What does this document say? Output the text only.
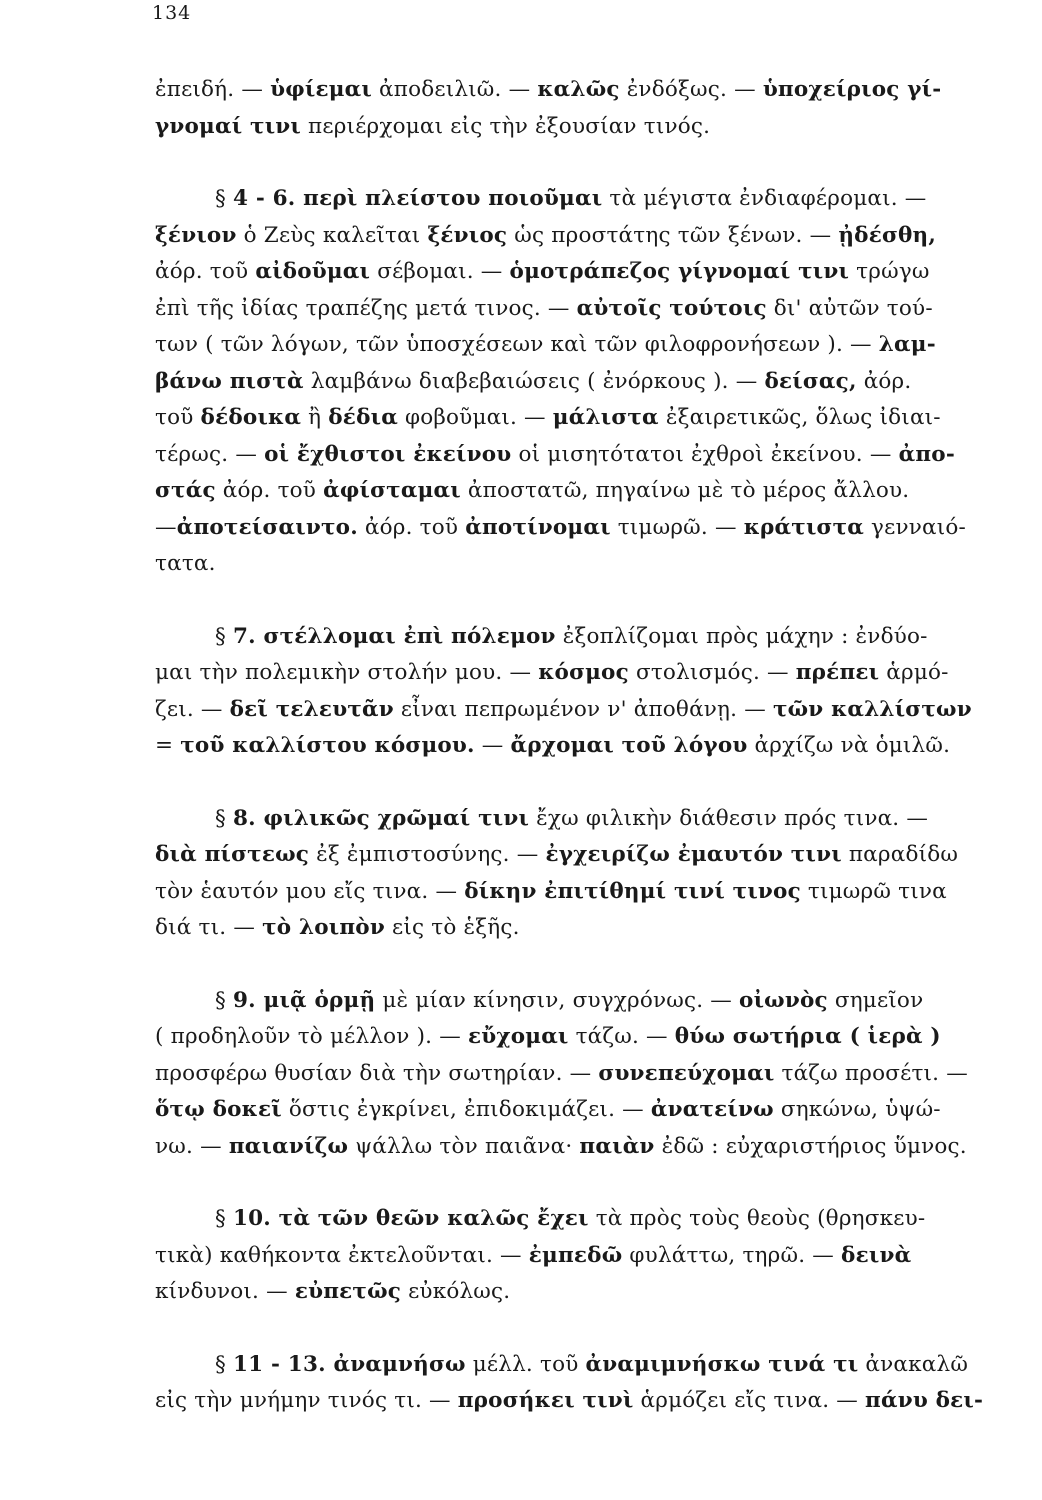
134
ἐπειδή. — ὑφίεμαι ἀποδειλιῶ. — καλῶς ἐνδόξως. — ὑποχείριος γί-
γνομαί τινι περιέρχομαι εἰς τὴν ἐξουσίαν τινός.
§ 4 - 6. περὶ πλείστου ποιοῦμαι τὰ μέγιστα ἐνδιαφέρομαι. —
ξένιον ὁ Ζεὺς καλεῖται ξένιος ὡς προστάτης τῶν ξένων. — ᾐδέσθη,
ἀόρ. τοῦ αἰδοῦμαι σέβομαι. — ὁμοτράπεζος γίγνομαί τινι τρώγω
ἐπὶ τῆς ἰδίας τραπέζης μετά τινος. — αὐτοῖς τούτοις δι' αὐτῶν τού-
των ( τῶν λόγων, τῶν ὑποσχέσεων καὶ τῶν φιλοφρονήσεων ). — λαμ-
βάνω πιστὰ λαμβάνω διαβεβαιώσεις ( ἐνόρκους ). — δείσας, ἀόρ.
τοῦ δέδοικα ἢ δέδια φοβοῦμαι. — μάλιστα ἐξαιρετικῶς, ὅλως ἰδιαι-
τέρως. — οἱ ἔχθιστοι ἐκείνου οἱ μισητότατοι ἐχθροὶ ἐκείνου. — ἀπο-
στάς ἀόρ. τοῦ ἀφίσταμαι ἀποστατῶ, πηγαίνω μὲ τὸ μέρος ἄλλου.
—ἀποτείσαιντο. ἀόρ. τοῦ ἀποτίνομαι τιμωρῶ. — κράτιστα γενναιό-
τατα.
§ 7. στέλλομαι ἐπὶ πόλεμον ἐξοπλίζομαι πρὸς μάχην : ἐνδύο-
μαι τὴν πολεμικὴν στολήν μου. — κόσμος στολισμός. — πρέπει ἁρμό-
ζει. — δεῖ τελευτᾶν εἶναι πεπρωμένον ν' ἀποθάνῃ. — τῶν καλλίστων
= τοῦ καλλίστου κόσμου. — ἄρχομαι τοῦ λόγου ἀρχίζω νὰ ὁμιλῶ.
§ 8. φιλικῶς χρῶμαί τινι ἔχω φιλικὴν διάθεσιν πρός τινα. —
διὰ πίστεως ἐξ ἐμπιστοσύνης. — ἐγχειρίζω ἐμαυτόν τινι παραδίδω
τὸν ἑαυτόν μου εἴς τινα. — δίκην ἐπιτίθημί τινί τινος τιμωρῶ τινα
διά τι. — τὸ λοιπὸν εἰς τὸ ἑξῆς.
§ 9. μιᾷ ὁρμῇ μὲ μίαν κίνησιν, συγχρόνως. — οἰωνὸς σημεῖον
( προδηλοῦν τὸ μέλλον ). — εὔχομαι τάζω. — θύω σωτήρια ( ἱερὰ )
προσφέρω θυσίαν διὰ τὴν σωτηρίαν. — συνεπεύχομαι τάζω προσέτι. —
ὅτῳ δοκεῖ ὅστις ἐγκρίνει, ἐπιδοκιμάζει. — ἀνατείνω σηκώνω, ὑψώ-
νω. — παιανίζω ψάλλω τὸν παιᾶνα· παιὰν ἐδῶ : εὐχαριστήριος ὕμνος.
§ 10. τὰ τῶν θεῶν καλῶς ἔχει τὰ πρὸς τοὺς θεοὺς (θρησκευ-
τικὰ) καθήκοντα ἐκτελοῦνται. — ἐμπεδῶ φυλάττω, τηρῶ. — δεινὰ
κίνδυνοι. — εὐπετῶς εὐκόλως.
§ 11 - 13. ἀναμνήσω μέλλ. τοῦ ἀναμιμνήσκω τινά τι ἀνακαλῶ
εἰς τὴν μνήμην τινός τι. — προσήκει τινὶ ἁρμόζει εἴς τινα. — πάνυ δει-
